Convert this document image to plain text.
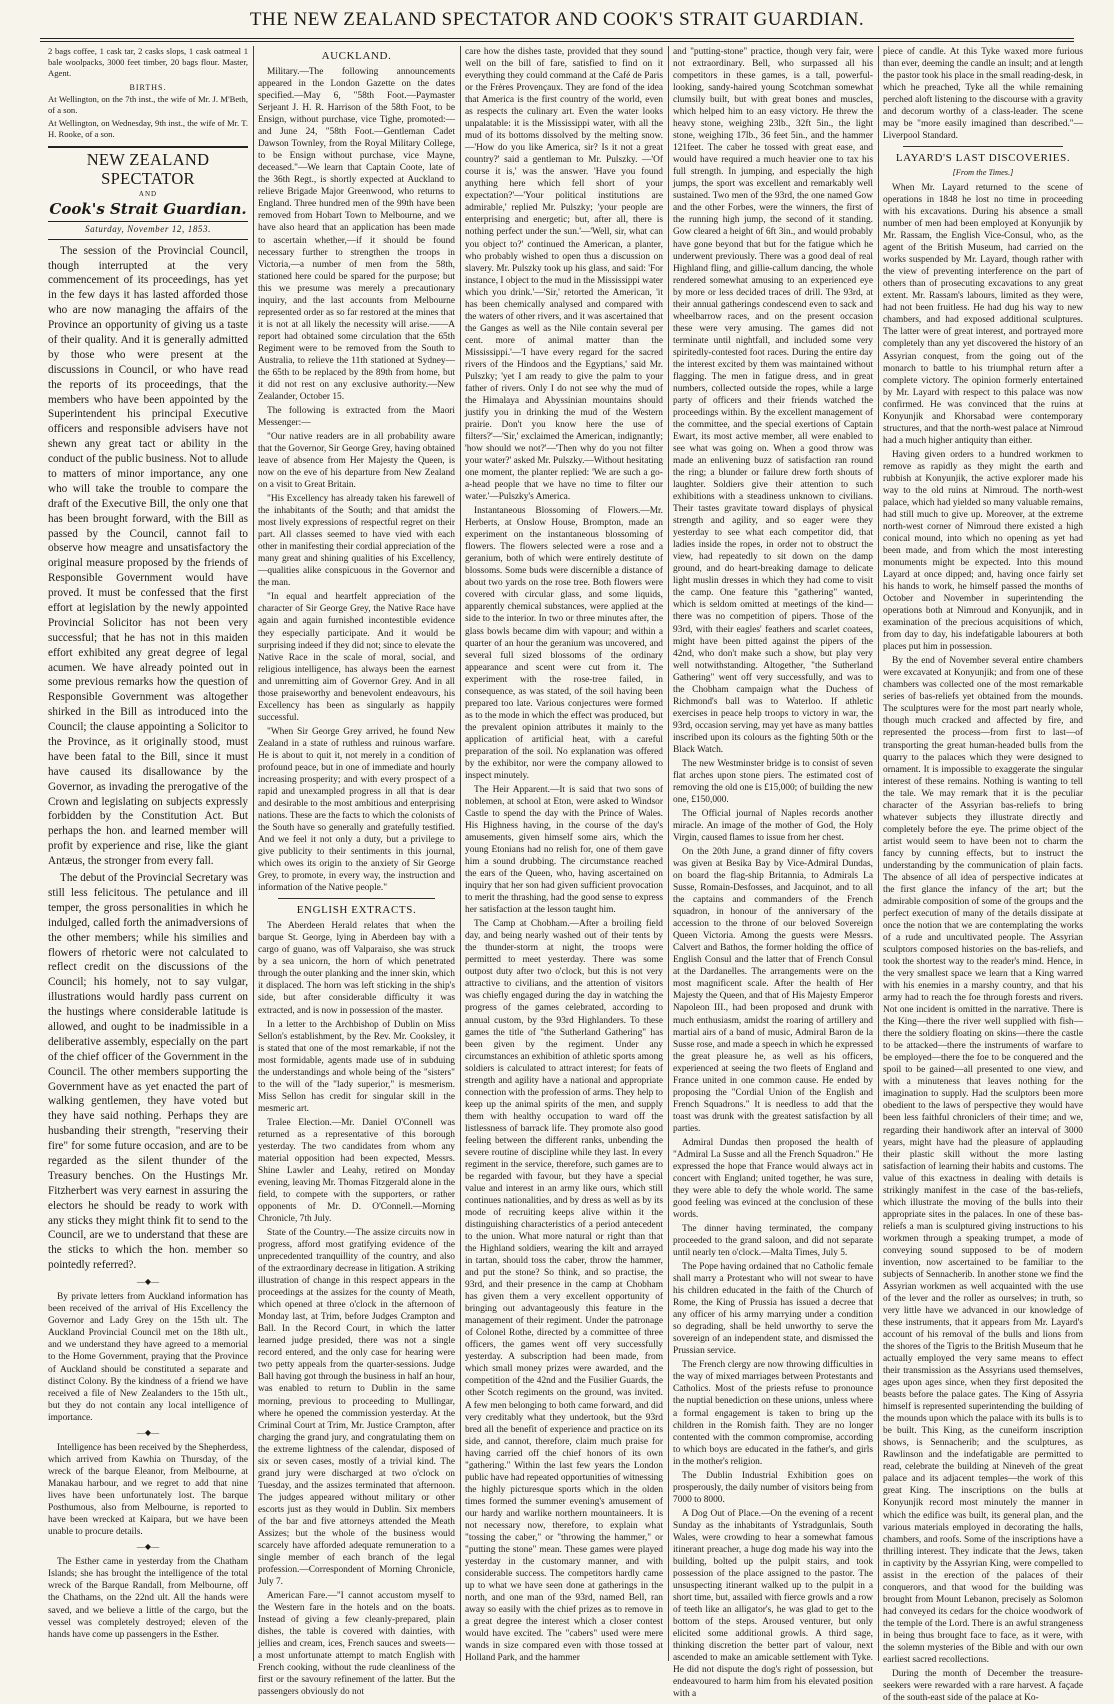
THE NEW ZEALAND SPECTATOR AND COOK'S STRAIT GUARDIAN.

2 bags coffee, 1 cask tar, 2 casks slops, 1 cask oatmeal 1 bale woolpacks, 3000 feet timber, 20 bags flour. Master, Agent.

BIRTHS.

At Wellington, on the 7th inst., the wife of Mr. J. M'Beth, of a son.

At Wellington, on Wednesday, 9th inst., the wife of Mr. T. H. Rooke, of a son.

NEW ZEALAND SPECTATOR
AND
Cook's Strait Guardian.
Saturday, November 12, 1853.

The session of the Provincial Council, though interrupted at the very commencement of its proceedings, has yet in the few days it has lasted afforded those who are now managing the affairs of the Province an opportunity of giving us a taste of their quality. And it is generally admitted by those who were present at the discussions in Council, or who have read the reports of its proceedings, that the members who have been appointed by the Superintendent his principal Executive officers and responsible advisers have not shewn any great tact or ability in the conduct of the public business. Not to allude to matters of minor importance, any one who will take the trouble to compare the draft of the Executive Bill, the only one that has been brought forward, with the Bill as passed by the Council, cannot fail to observe how meagre and unsatisfactory the original measure proposed by the friends of Responsible Government would have proved. It must be confessed that the first effort at legislation by the newly appointed Provincial Solicitor has not been very successful; that he has not in this maiden effort exhibited any great degree of legal acumen. We have already pointed out in some previous remarks how the question of Responsible Government was altogether shirked in the Bill as introduced into the Council; the clause appointing a Solicitor to the Province, as it originally stood, must have been fatal to the Bill, since it must have caused its disallowance by the Governor, as invading the prerogative of the Crown and legislating on subjects expressly forbidden by the Constitution Act. But perhaps the hon. and learned member will profit by experience and rise, like the giant Antæus, the stronger from every fall.

The debut of the Provincial Secretary was still less felicitous. The petulance and ill temper, the gross personalities in which he indulged, called forth the animadversions of the other members; while his similies and flowers of rhetoric were not calculated to reflect credit on the discussions of the Council; his homely, not to say vulgar, illustrations would hardly pass current on the hustings where considerable latitude is allowed, and ought to be inadmissible in a deliberative assembly, especially on the part of the chief officer of the Government in the Council. The other members supporting the Government have as yet enacted the part of walking gentlemen, they have voted but they have said nothing. Perhaps they are husbanding their strength, "reserving their fire" for some future occasion, and are to be regarded as the silent thunder of the Treasury benches. On the Hustings Mr. Fitzherbert was very earnest in assuring the electors he should be ready to work with any sticks they might think fit to send to the Council, are we to understand that these are the sticks to which the hon. member so pointedly referred?.

—◆—

By private letters from Auckland information has been received of the arrival of His Excellency the Governor and Lady Grey on the 15th ult. The Auckland Provincial Council met on the 18th ult., and we understand they have agreed to a memorial to the Home Government, praying that the Province of Auckland should be constituted a separate and distinct Colony. By the kindness of a friend we have received a file of New Zealanders to the 15th ult., but they do not contain any local intelligence of importance.

—◆—

Intelligence has been received by the Shepherdess, which arrived from Kawhia on Thursday, of the wreck of the barque Eleanor, from Melbourne, at Manakau harbour, and we regret to add that nine lives have been unfortunately lost. The barque Posthumous, also from Melbourne, is reported to have been wrecked at Kaipara, but we have been unable to procure details.

—◆—

The Esther came in yesterday from the Chatham Islands; she has brought the intelligence of the total wreck of the Barque Randall, from Melbourne, off the Chathams, on the 22nd ult. All the hands were saved, and we believe a little of the cargo, but the vessel was completely destroyed; eleven of the hands have come up passengers in the Esther.

AUCKLAND.

Military.—The following announcements appeared in the London Gazette on the dates specified.—May 6, "58th Foot.—Paymaster Serjeant J. H. R. Harrison of the 58th Foot, to be Ensign, without purchase, vice Tighe, promoted:—and June 24, "58th Foot.—Gentleman Cadet Dawson Townley, from the Royal Military College, to be Ensign without purchase, vice Mayne, deceased."—We learn that Captain Coote, late of the 36th Regt., is shortly expected at Auckland to relieve Brigade Major Greenwood, who returns to England. Three hundred men of the 99th have been removed from Hobart Town to Melbourne, and we have also heard that an application has been made to ascertain whether,—if it should be found necessary further to strengthen the troops in Victoria,—a number of men from the 58th, stationed here could be spared for the purpose; but this we presume was merely a precautionary inquiry, and the last accounts from Melbourne represented order as so far restored at the mines that it is not at all likely the necessity will arise.——A report had obtained some circulation that the 65th Regiment were to be removed from the South to Australia, to relieve the 11th stationed at Sydney—the 65th to be replaced by the 89th from home, but it did not rest on any exclusive authority.—New Zealander, October 15.

The following is extracted from the Maori Messenger:—

"Our native readers are in all probability aware that the Governor, Sir George Grey, having obtained leave of absence from Her Majesty the Queen, is now on the eve of his departure from New Zealand on a visit to Great Britain.

"His Excellency has already taken his farewell of the inhabitants of the South; and that amidst the most lively expressions of respectful regret on their part. All classes seemed to have vied with each other in manifesting their cordial appreciation of the many great and shining qualities of his Excellency,—qualities alike conspicuous in the Governor and the man.

"In equal and heartfelt appreciation of the character of Sir George Grey, the Native Race have again and again furnished incontestible evidence they especially participate. And it would be surprising indeed if they did not; since to elevate the Native Race in the scale of moral, social, and religious intelligence, has always been the earnest and unremitting aim of Governor Grey. And in all those praiseworthy and benevolent endeavours, his Excellency has been as singularly as happily successful.

"When Sir George Grey arrived, he found New Zealand in a state of ruthless and ruinous warfare. He is about to quit it, not merely in a condition of profound peace, but in one of immediate and hourly increasing prosperity; and with every prospect of a rapid and unexampled progress in all that is dear and desirable to the most ambitious and enterprising nations. These are the facts to which the colonists of the South have so generally and gratefully testified. And we feel it not only a duty, but a privilege to give publicity to their sentiments in this journal, which owes its origin to the anxiety of Sir George Grey, to promote, in every way, the instruction and information of the Native people."

ENGLISH EXTRACTS.

The Aberdeen Herald relates that when the barque St. George, lying in Aberdeen bay with a cargo of guano, was off Valparaiso, she was struck by a sea unicorn, the horn of which penetrated through the outer planking and the inner skin, which it displaced. The horn was left sticking in the ship's side, but after considerable difficulty it was extracted, and is now in possession of the master.

In a letter to the Archbishop of Dublin on Miss Sellon's establishment, by the Rev. Mr. Cooksley, it is stated that one of the most remarkable, if not the most formidable, agents made use of in subduing the understandings and whole being of the "sisters" to the will of the "lady superior," is mesmerism. Miss Sellon has credit for singular skill in the mesmeric art.

Tralee Election.—Mr. Daniel O'Connell was returned as a representative of this borough yesterday. The two candidates from whom any material opposition had been expected, Messrs. Shine Lawler and Leahy, retired on Monday evening, leaving Mr. Thomas Fitzgerald alone in the field, to compete with the supporters, or rather opponents of Mr. D. O'Connell.—Morning Chronicle, 7th July.

State of the Country.—The assize circuits now in progress, afford most gratifying evidence of the unprecedented tranquillity of the country, and also of the extraordinary decrease in litigation. A striking illustration of change in this respect appears in the proceedings at the assizes for the county of Meath, which opened at three o'clock in the afternoon of Monday last, at Trim, before Judges Crampton and Ball. In the Record Court, in which the latter learned judge presided, there was not a single record entered, and the only case for hearing were two petty appeals from the quarter-sessions. Judge Ball having got through the business in half an hour, was enabled to return to Dublin in the same morning, previous to proceeding to Mullingar, where he opened the commission yesterday. At the Criminal Court at Trim, Mr. Justice Crampton, after charging the grand jury, and congratulating them on the extreme lightness of the calendar, disposed of six or seven cases, mostly of a trivial kind. The grand jury were discharged at two o'clock on Tuesday, and the assizes terminated that afternoon. The judges appeared without military or other escorts just as they would in Dublin. Six members of the bar and five attorneys attended the Meath Assizes; but the whole of the business would scarcely have afforded adequate remuneration to a single member of each branch of the legal profession.—Correspondent of Morning Chronicle, July 7.

American Fare.—"I cannot accustom myself to the Western fare in the hotels and on the boats. Instead of giving a few cleanly-prepared, plain dishes, the table is covered with dainties, with jellies and cream, ices, French sauces and sweets—a most unfortunate attempt to match English with French cooking, without the rude cleanliness of the first or the savoury refinement of the latter. But the passengers obviously do not

care how the dishes taste, provided that they sound well on the bill of fare, satisfied to find on it everything they could command at the Café de Paris or the Frères Provençaux. They are fond of the idea that America is the first country of the world, even as respects the culinary art. Even the water looks unpalatable: it is the Mississippi water, with all the mud of its bottoms dissolved by the melting snow.—'How do you like America, sir? Is it not a great country?' said a gentleman to Mr. Pulszky. —'Of course it is,' was the answer. 'Have you found anything here which fell short of your expectation?'—'Your political institutions are admirable,' replied Mr. Pulszky; 'your people are enterprising and energetic; but, after all, there is nothing perfect under the sun.'—'Well, sir, what can you object to?' continued the American, a planter, who probably wished to open thus a discussion on slavery. Mr. Pulszky took up his glass, and said: 'For instance, I object to the mud in the Mississippi water which you drink.'—'Sir,' retorted the American, 'it has been chemically analysed and compared with the waters of other rivers, and it was ascertained that the Ganges as well as the Nile contain several per cent. more of animal matter than the Mississippi.'—'I have every regard for the sacred rivers of the Hindoos and the Egyptians,' said Mr. Pulszky; 'yet I am ready to give the palm to your father of rivers. Only I do not see why the mud of the Himalaya and Abyssinian mountains should justify you in drinking the mud of the Western prairie. Don't you know here the use of filters?'—'Sir,' exclaimed the American, indignantly; 'how should we not?'—'Then why do you not filter your water?' asked Mr. Pulszky.—Without hesitating one moment, the planter replied: 'We are such a go-a-head people that we have no time to filter our water.'—Pulszky's America.

Instantaneous Blossoming of Flowers.—Mr. Herberts, at Onslow House, Brompton, made an experiment on the instantaneous blossoming of flowers. The flowers selected were a rose and a geranium, both of which were entirely destitute of blossoms. Some buds were discernible a distance of about two yards on the rose tree. Both flowers were covered with circular glass, and some liquids, apparently chemical substances, were applied at the side to the interior. In two or three minutes after, the glass bowls became dim with vapour; and within a quarter of an hour the geranium was uncovered, and several full sized blossoms of the ordinary appearance and scent were cut from it. The experiment with the rose-tree failed, in consequence, as was stated, of the soil having been prepared too late. Various conjectures were formed as to the mode in which the effect was produced, but the prevalent opinion attributes it mainly to the application of artificial heat, with a careful preparation of the soil. No explanation was offered by the exhibitor, nor were the company allowed to inspect minutely.

The Heir Apparent.—It is said that two sons of noblemen, at school at Eton, were asked to Windsor Castle to spend the day with the Prince of Wales. His Highness having, in the course of the day's amusements, given himself some airs, which the young Etonians had no relish for, one of them gave him a sound drubbing. The circumstance reached the ears of the Queen, who, having ascertained on inquiry that her son had given sufficient provocation to merit the thrashing, had the good sense to express her satisfaction at the lesson taught him.

The Camp at Chobham.—After a broiling field day, and being nearly washed out of their tents by the thunder-storm at night, the troops were permitted to meet yesterday. There was some outpost duty after two o'clock, but this is not very attractive to civilians, and the attention of visitors was chiefly engaged during the day in watching the progress of the games celebrated, according to annual custom, by the 93rd Highlanders. To these games the title of "the Sutherland Gathering" has been given by the regiment. Under any circumstances an exhibition of athletic sports among soldiers is calculated to attract interest; for feats of strength and agility have a national and appropriate connection with the profession of arms. They help to keep up the animal spirits of the men, and supply them with healthy occupation to ward off the listlessness of barrack life. They promote also good feeling between the different ranks, unbending the severe routine of discipline while they last. In every regiment in the service, therefore, such games are to be regarded with favour, but they have a special value and interest in an army like ours, which still continues nationalities, and by dress as well as by its mode of recruiting keeps alive within it the distinguishing characteristics of a period antecedent to the union. What more natural or right than that the Highland soldiers, wearing the kilt and arrayed in tartan, should toss the caber, throw the hammer, and put the stone? So think, and so practise, the 93rd, and their presence in the camp at Chobham has given them a very excellent opportunity of bringing out advantageously this feature in the management of their regiment. Under the patronage of Colonel Rothe, directed by a committee of three officers, the games went off very successfully yesterday. A subscription had been made, from which small money prizes were awarded, and the competition of the 42nd and the Fusilier Guards, the other Scotch regiments on the ground, was invited. A few men belonging to both came forward, and did very creditably what they undertook, but the 93rd bred all the benefit of experience and practice on its side, and cannot, therefore, claim much praise for having carried off the chief honors of its own "gathering." Within the last few years the London public have had repeated opportunities of witnessing the highly picturesque sports which in the olden times formed the summer evening's amusement of our hardy and warlike northern mountaineers. It is not necessary now, therefore, to explain what "tossing the caber," or "throwing the hammer," or "putting the stone" mean. These games were played yesterday in the customary manner, and with considerable success. The competitors hardly came up to what we have seen done at gatherings in the north, and one man of the 93rd, named Bell, ran away so easily with the chief prizes as to remove in a great degree the interest which a closer contest would have excited. The "cabers" used were mere wands in size compared even with those tossed at Holland Park, and the hammer

and "putting-stone" practice, though very fair, were not extraordinary. Bell, who surpassed all his competitors in these games, is a tall, powerful-looking, sandy-haired young Scotchman somewhat clumsily built, but with great bones and muscles, which helped him to an easy victory. He threw the heavy stone, weighing 23lb., 32ft 5in., the light stone, weighing 17lb., 36 feet 5in., and the hammer 121feet. The caber he tossed with great ease, and would have required a much heavier one to tax his full strength. In jumping, and especially the high jumps, the sport was excellent and remarkably well sustained. Two men of the 93rd, the one named Gow and the other Forbes, were the winners, the first of the running high jump, the second of it standing. Gow cleared a height of 6ft 3in., and would probably have gone beyond that but for the fatigue which he underwent previously. There was a good deal of real Highland fling, and gillie-callum dancing, the whole rendered somewhat amusing to an experienced eye by more or less decided traces of drill. The 93rd, at their annual gatherings condescend even to sack and wheelbarrow races, and on the present occasion these were very amusing. The games did not terminate until nightfall, and included some very spiritedly-contested foot races. During the entire day the interest excited by them was maintained without flagging. The men in fatigue dress, and in great numbers, collected outside the ropes, while a large party of officers and their friends watched the proceedings within. By the excellent management of the committee, and the special exertions of Captain Ewart, its most active member, all were enabled to see what was going on. When a good throw was made an enlivening buzz of satisfaction ran round the ring; a blunder or failure drew forth shouts of laughter. Soldiers give their attention to such exhibitions with a steadiness unknown to civilians. Their tastes gravitate toward displays of physical strength and agility, and so eager were they yesterday to see what each competitor did, that ladies inside the ropes, in order not to obstruct the view, had repeatedly to sit down on the damp ground, and do heart-breaking damage to delicate light muslin dresses in which they had come to visit the camp. One feature this "gathering" wanted, which is seldom omitted at meetings of the kind—there was no competition of pipers. Those of the 93rd, with their eagles' feathers and scarlet coatees, might have been pitted against the pipers of the 42nd, who don't make such a show, but play very well notwithstanding. Altogether, "the Sutherland Gathering" went off very successfully, and was to the Chobham campaign what the Duchess of Richmond's ball was to Waterloo. If athletic exercises in peace help troops to victory in war, the 93rd, occasion serving, may yet have as many battles inscribed upon its colours as the fighting 50th or the Black Watch.

The new Westminster bridge is to consist of seven flat arches upon stone piers. The estimated cost of removing the old one is £15,000; of building the new one, £150,000.

The Official journal of Naples records another miracle. An image of the mother of God, the Holy Virgin, caused flames to issue from her chest.

On the 20th June, a grand dinner of fifty covers was given at Besika Bay by Vice-Admiral Dundas, on board the flag-ship Britannia, to Admirals La Susse, Romain-Desfosses, and Jacquinot, and to all the captains and commanders of the French squadron, in honour of the anniversary of the accession to the throne of our beloved Sovereign Queen Victoria. Among the guests were Messrs. Calvert and Bathos, the former holding the office of English Consul and the latter that of French Consul at the Dardanelles. The arrangements were on the most magnificent scale. After the health of Her Majesty the Queen, and that of His Majesty Emperor Napoleon III., had been proposed and drunk with much enthusiasm, amidst the roaring of artillery and martial airs of a band of music, Admiral Baron de la Susse rose, and made a speech in which he expressed the great pleasure he, as well as his officers, experienced at seeing the two fleets of England and France united in one common cause. He ended by proposing the "Cordial Union of the English and French Squadrons." It is needless to add that the toast was drunk with the greatest satisfaction by all parties.

Admiral Dundas then proposed the health of "Admiral La Susse and all the French Squadron." He expressed the hope that France would always act in concert with England; united together, he was sure, they were able to defy the whole world. The same good feeling was evinced at the conclusion of these words.

The dinner having terminated, the company proceeded to the grand saloon, and did not separate until nearly ten o'clock.—Malta Times, July 5.

The Pope having ordained that no Catholic female shall marry a Protestant who will not swear to have his children educated in the faith of the Church of Rome, the King of Prussia has issued a decree that any officer of his army marrying under a condition so degrading, shall be held unworthy to serve the sovereign of an independent state, and dismissed the Prussian service.

The French clergy are now throwing difficulties in the way of mixed marriages between Protestants and Catholics. Most of the priests refuse to pronounce the nuptial benediction on these unions, unless where a formal engagement is taken to bring up the children in the Romish faith. They are no longer contented with the common compromise, according to which boys are educated in the father's, and girls in the mother's religion.

The Dublin Industrial Exhibition goes on prosperously, the daily number of visitors being from 7000 to 8000.

A Dog Out of Place.—On the evening of a recent Sunday as the inhabitants of Ystradgunlais, South Wales, were crowding to hear a somewhat famous itinerant preacher, a huge dog made his way into the building, bolted up the pulpit stairs, and took possession of the place assigned to the pastor. The unsuspecting itinerant walked up to the pulpit in a short time, but, assailed with fierce growls and a row of teeth like an alligator's, he was glad to get to the bottom of the steps. Aroused venturer, but only elicited some additional growls. A third sage, thinking discretion the better part of valour, next ascended to make an amicable settlement with Tyke. He did not dispute the dog's right of possession, but endeavoured to harm him from his elevated position with a

piece of candle. At this Tyke waxed more furious than ever, deeming the candle an insult; and at length the pastor took his place in the small reading-desk, in which he preached, Tyke all the while remaining perched aloft listening to the discourse with a gravity and decorum worthy of a class-leader. The scene may be "more easily imagined than described."—Liverpool Standard.

LAYARD'S LAST DISCOVERIES.
[From the Times.]

When Mr. Layard returned to the scene of operations in 1848 he lost no time in proceeding with his excavations. During his absence a small number of men had been employed at Konyunjik by Mr. Rassam, the English Vice-Consul, who, as the agent of the British Museum, had carried on the works suspended by Mr. Layard, though rather with the view of preventing interference on the part of others than of prosecuting excavations to any great extent. Mr. Rassam's labours, limited as they were, had not been fruitless. He had dug his way to new chambers, and had exposed additional sculptures. The latter were of great interest, and portrayed more completely than any yet discovered the history of an Assyrian conquest, from the going out of the monarch to battle to his triumphal return after a complete victory. The opinion formerly entertained by Mr. Layard with respect to this palace was now confirmed. He was convinced that the ruins at Konyunjik and Khorsabad were contemporary structures, and that the north-west palace at Nimroud had a much higher antiquity than either.

Having given orders to a hundred workmen to remove as rapidly as they might the earth and rubbish at Konyunjik, the active explorer made his way to the old ruins at Nimroud. The north-west palace, which had yielded so many valuable remains, had still much to give up. Moreover, at the extreme north-west corner of Nimroud there existed a high conical mound, into which no opening as yet had been made, and from which the most interesting monuments might be expected. Into this mound Layard at once dipped; and, having once fairly set his hands to work, he himself passed the months of October and November in superintending the operations both at Nimroud and Konyunjik, and in examination of the precious acquisitions of which, from day to day, his indefatigable labourers at both places put him in possession.

By the end of November several entire chambers were excavated at Konyunjik; and from one of these chambers was collected one of the most remarkable series of bas-reliefs yet obtained from the mounds. The sculptures were for the most part nearly whole, though much cracked and affected by fire, and represented the process—from first to last—of transporting the great human-headed bulls from the quarry to the palaces which they were designed to ornament. It is impossible to exaggerate the singular interest of these remains. Nothing is wanting to tell the tale. We may remark that it is the peculiar character of the Assyrian bas-reliefs to bring whatever subjects they illustrate directly and completely before the eye. The prime object of the artist would seem to have been not to charm the fancy by cunning effects, but to instruct the understanding by the communication of plain facts. The absence of all idea of perspective indicates at the first glance the infancy of the art; but the admirable composition of some of the groups and the perfect execution of many of the details dissipate at once the notion that we are contemplating the works of a rude and uncultivated people. The Assyrian sculptors composed histories on the bas-reliefs, and took the shortest way to the reader's mind. Hence, in the very smallest space we learn that a King warred with his enemies in a marshy country, and that his army had to reach the foe through forests and rivers. Not one incident is omitted in the narrative. There is the King—there the river well supplied with fish—there the soldiery floating on skins—there the castle to be attacked—there the instruments of warfare to be employed—there the foe to be conquered and the spoil to be gained—all presented to one view, and with a minuteness that leaves nothing for the imagination to supply. Had the sculptors been more obedient to the laws of perspective they would have been less faithful chroniclers of their time; and we, regarding their handiwork after an interval of 3000 years, might have had the pleasure of applauding their plastic skill without the more lasting satisfaction of learning their habits and customs. The value of this exactness in dealing with details is strikingly manifest in the case of the bas-reliefs, which illustrate the moving of the bulls into their appropriate sites in the palaces. In one of these bas-reliefs a man is sculptured giving instructions to his workmen through a speaking trumpet, a mode of conveying sound supposed to be of modern invention, now ascertained to be familiar to the subjects of Sennacherib. In another stone we find the Assyrian workmen as well acquainted with the use of the lever and the roller as ourselves; in truth, so very little have we advanced in our knowledge of these instruments, that it appears from Mr. Layard's account of his removal of the bulls and lions from the shores of the Tigris to the British Museum that he actually employed the very same means to effect their transmission as the Assyrians used themselves, ages upon ages since, when they first deposited the beasts before the palace gates. The King of Assyria himself is represented superintending the building of the mounds upon which the palace with its bulls is to be built. This King, as the cuneiform inscription shows, is Sennacherib; and the sculptures, as Rawlinson and the indefatigable are permitted to read, celebrate the building at Nineveh of the great palace and its adjacent temples—the work of this great King. The inscriptions on the bulls at Konyunjik record most minutely the manner in which the edifice was built, its general plan, and the various materials employed in decorating the halls, chambers, and roofs. Some of the inscriptions have a thrilling interest. They indicate that the Jews, taken in captivity by the Assyrian King, were compelled to assist in the erection of the palaces of their conquerors, and that wood for the building was brought from Mount Lebanon, precisely as Solomon had conveyed its cedars for the choice woodwork of the temple of the Lord. There is an awful strangeness in being thus brought face to face, as it were, with the solemn mysteries of the Bible and with our own earliest sacred recollections.

During the month of December the treasure-seekers were rewarded with a rare harvest. A façade of the south-east side of the palace at Ko-
